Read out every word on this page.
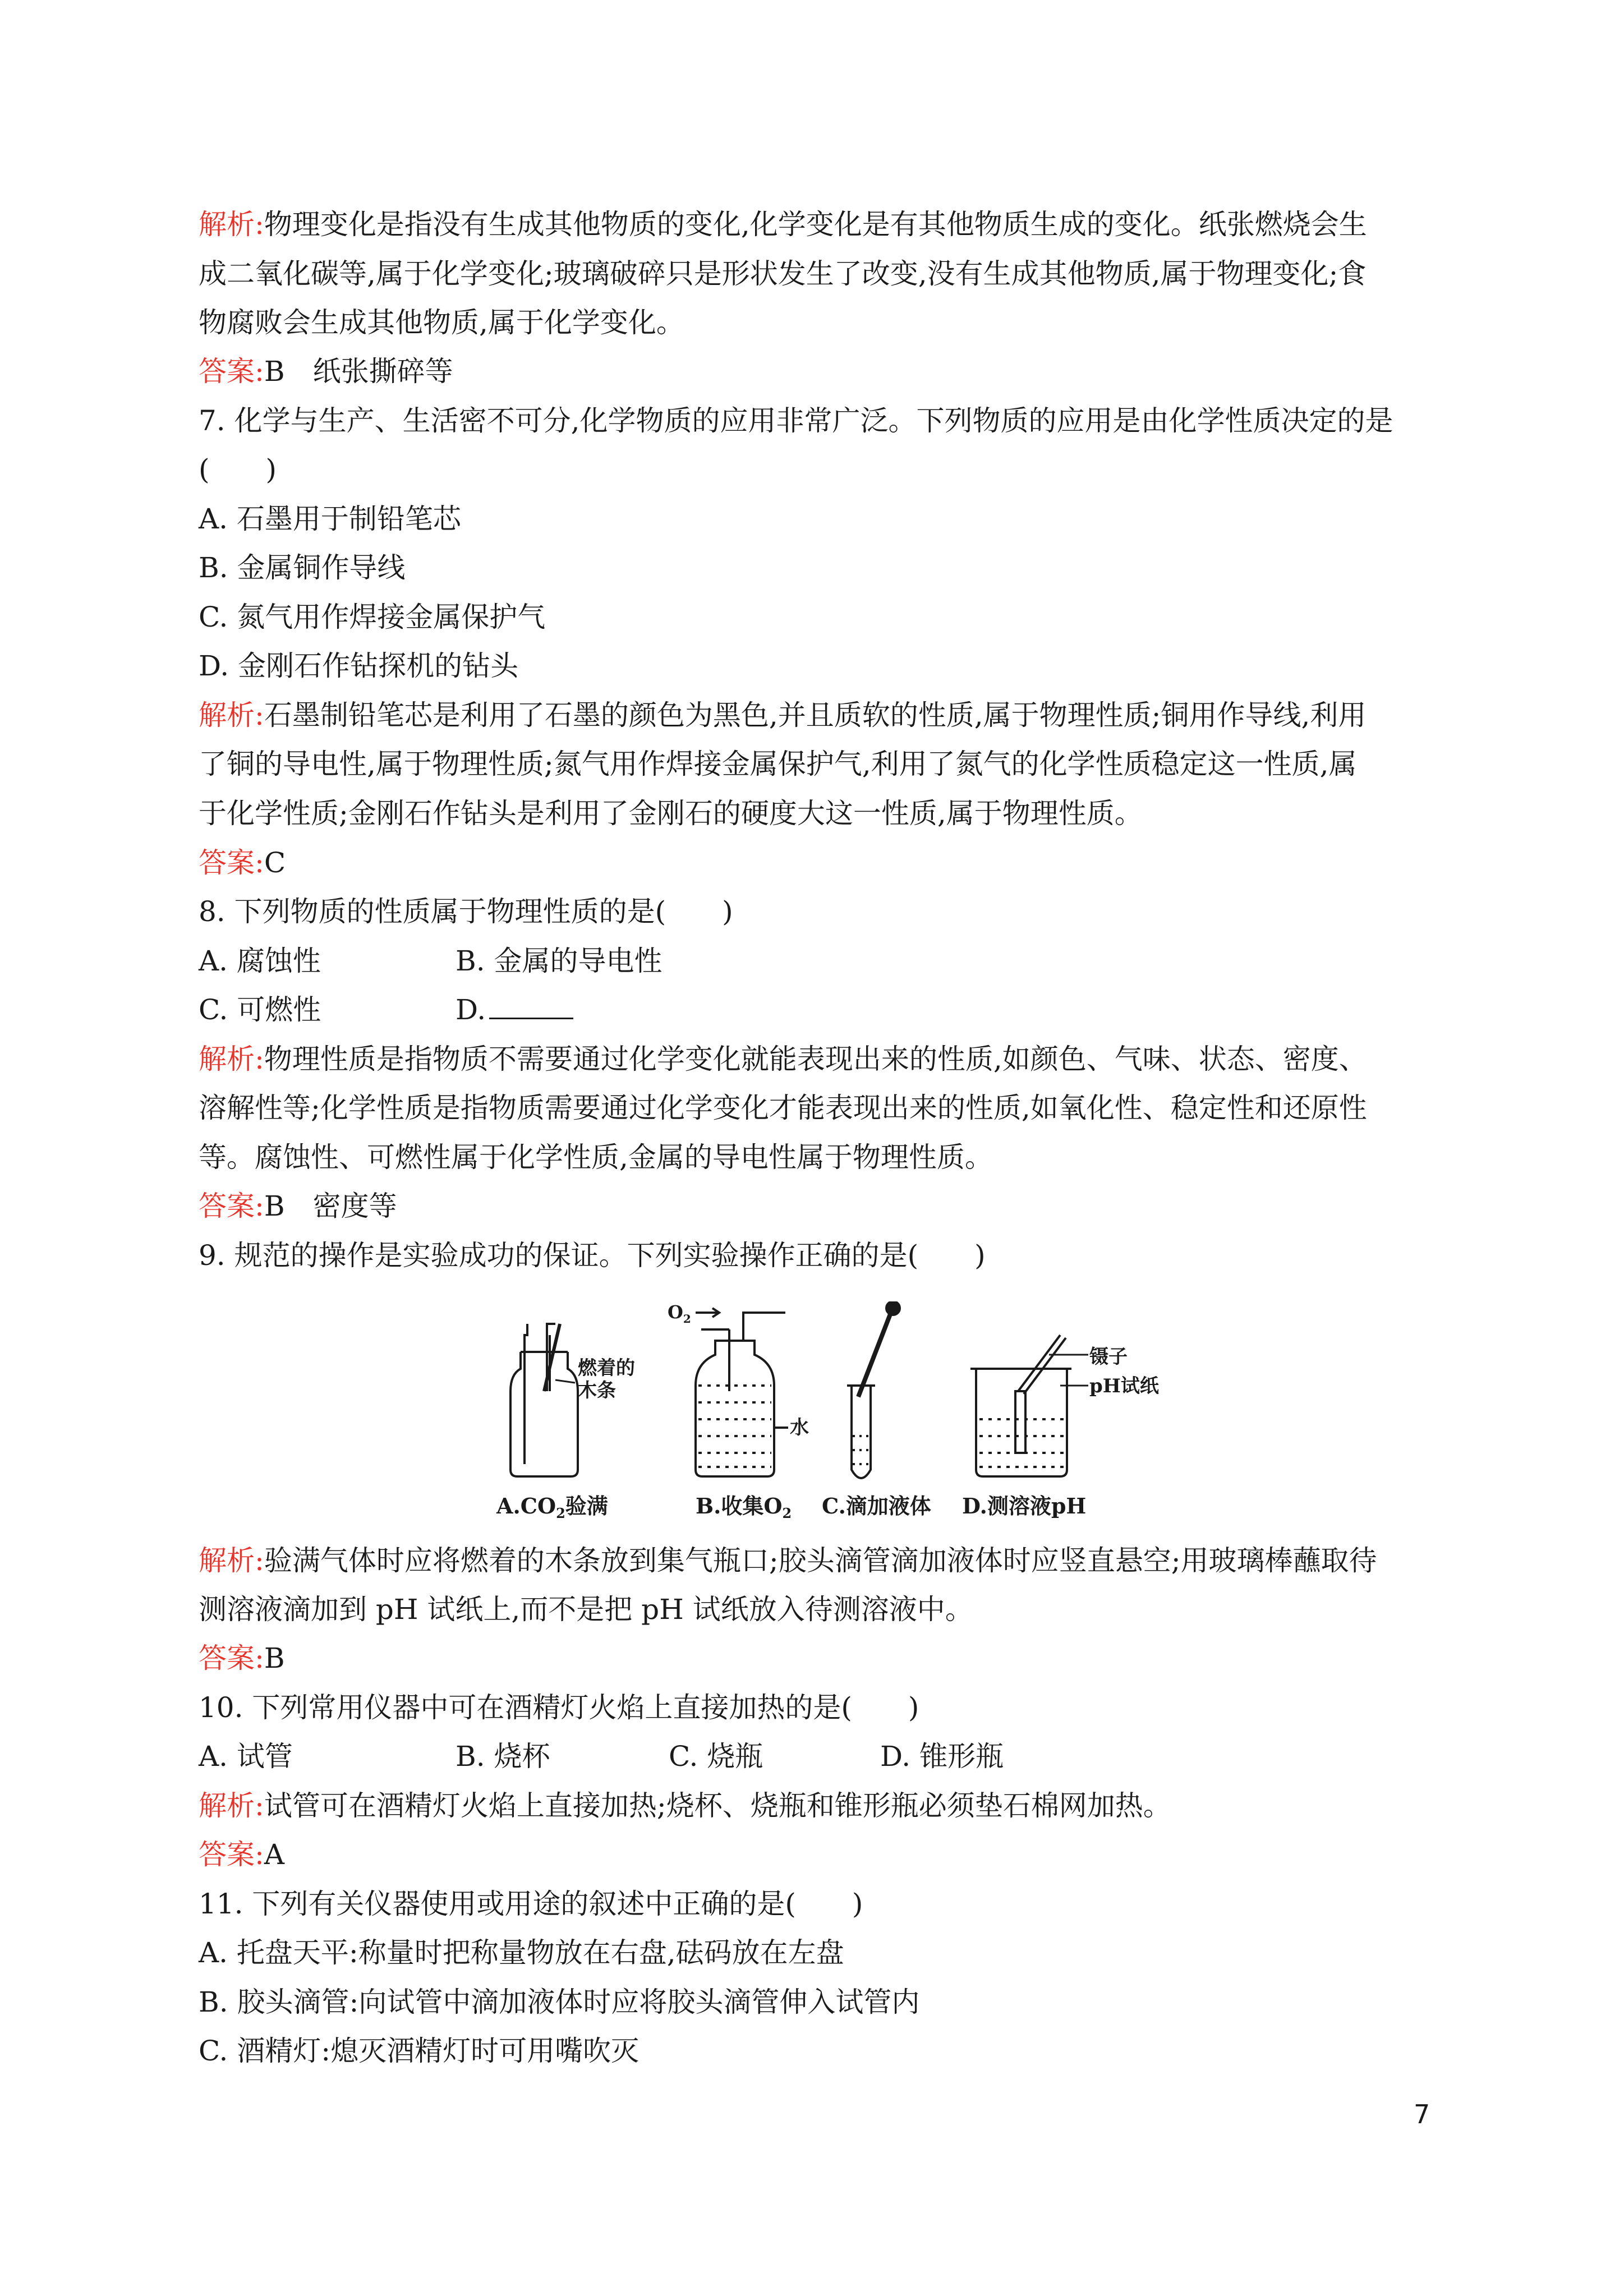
解析:物理变化是指没有生成其他物质的变化,化学变化是有其他物质生成的变化。纸张燃烧会生
成二氧化碳等,属于化学变化;玻璃破碎只是形状发生了改变,没有生成其他物质,属于物理变化;食
物腐败会生成其他物质,属于化学变化。
答案:B　纸张撕碎等
7. 化学与生产、生活密不可分,化学物质的应用非常广泛。下列物质的应用是由化学性质决定的是
(　　)
A. 石墨用于制铅笔芯
B. 金属铜作导线
C. 氮气用作焊接金属保护气
D. 金刚石作钻探机的钻头
解析:石墨制铅笔芯是利用了石墨的颜色为黑色,并且质软的性质,属于物理性质;铜用作导线,利用
了铜的导电性,属于物理性质;氮气用作焊接金属保护气,利用了氮气的化学性质稳定这一性质,属
于化学性质;金刚石作钻头是利用了金刚石的硬度大这一性质,属于物理性质。
答案:C
8. 下列物质的性质属于物理性质的是(　　)
A. 腐蚀性	B. 金属的导电性
C. 可燃性	D.
解析:物理性质是指物质不需要通过化学变化就能表现出来的性质,如颜色、气味、状态、密度、
溶解性等;化学性质是指物质需要通过化学变化才能表现出来的性质,如氧化性、稳定性和还原性
等。腐蚀性、可燃性属于化学性质,金属的导电性属于物理性质。
答案:B　密度等
9. 规范的操作是实验成功的保证。下列实验操作正确的是(　　)
燃着的
木条
$O_2$
水
镊子
pH试纸
$A.CO_2$验满	B.收集$O_2$ C.滴加液体 D.测溶液pH
解析:验满气体时应将燃着的木条放到集气瓶口;胶头滴管滴加液体时应竖直悬空;用玻璃棒蘸取待
测溶液滴加到 pH 试纸上,而不是把 pH 试纸放入待测溶液中。
答案:B
10. 下列常用仪器中可在酒精灯火焰上直接加热的是(　　)
A. 试管	B. 烧杯	C. 烧瓶	D. 锥形瓶
解析:试管可在酒精灯火焰上直接加热;烧杯、烧瓶和锥形瓶必须垫石棉网加热。
答案:A
11. 下列有关仪器使用或用途的叙述中正确的是(　　)
A. 托盘天平:称量时把称量物放在右盘,砝码放在左盘
B. 胶头滴管:向试管中滴加液体时应将胶头滴管伸入试管内
C. 酒精灯:熄灭酒精灯时可用嘴吹灭
7
